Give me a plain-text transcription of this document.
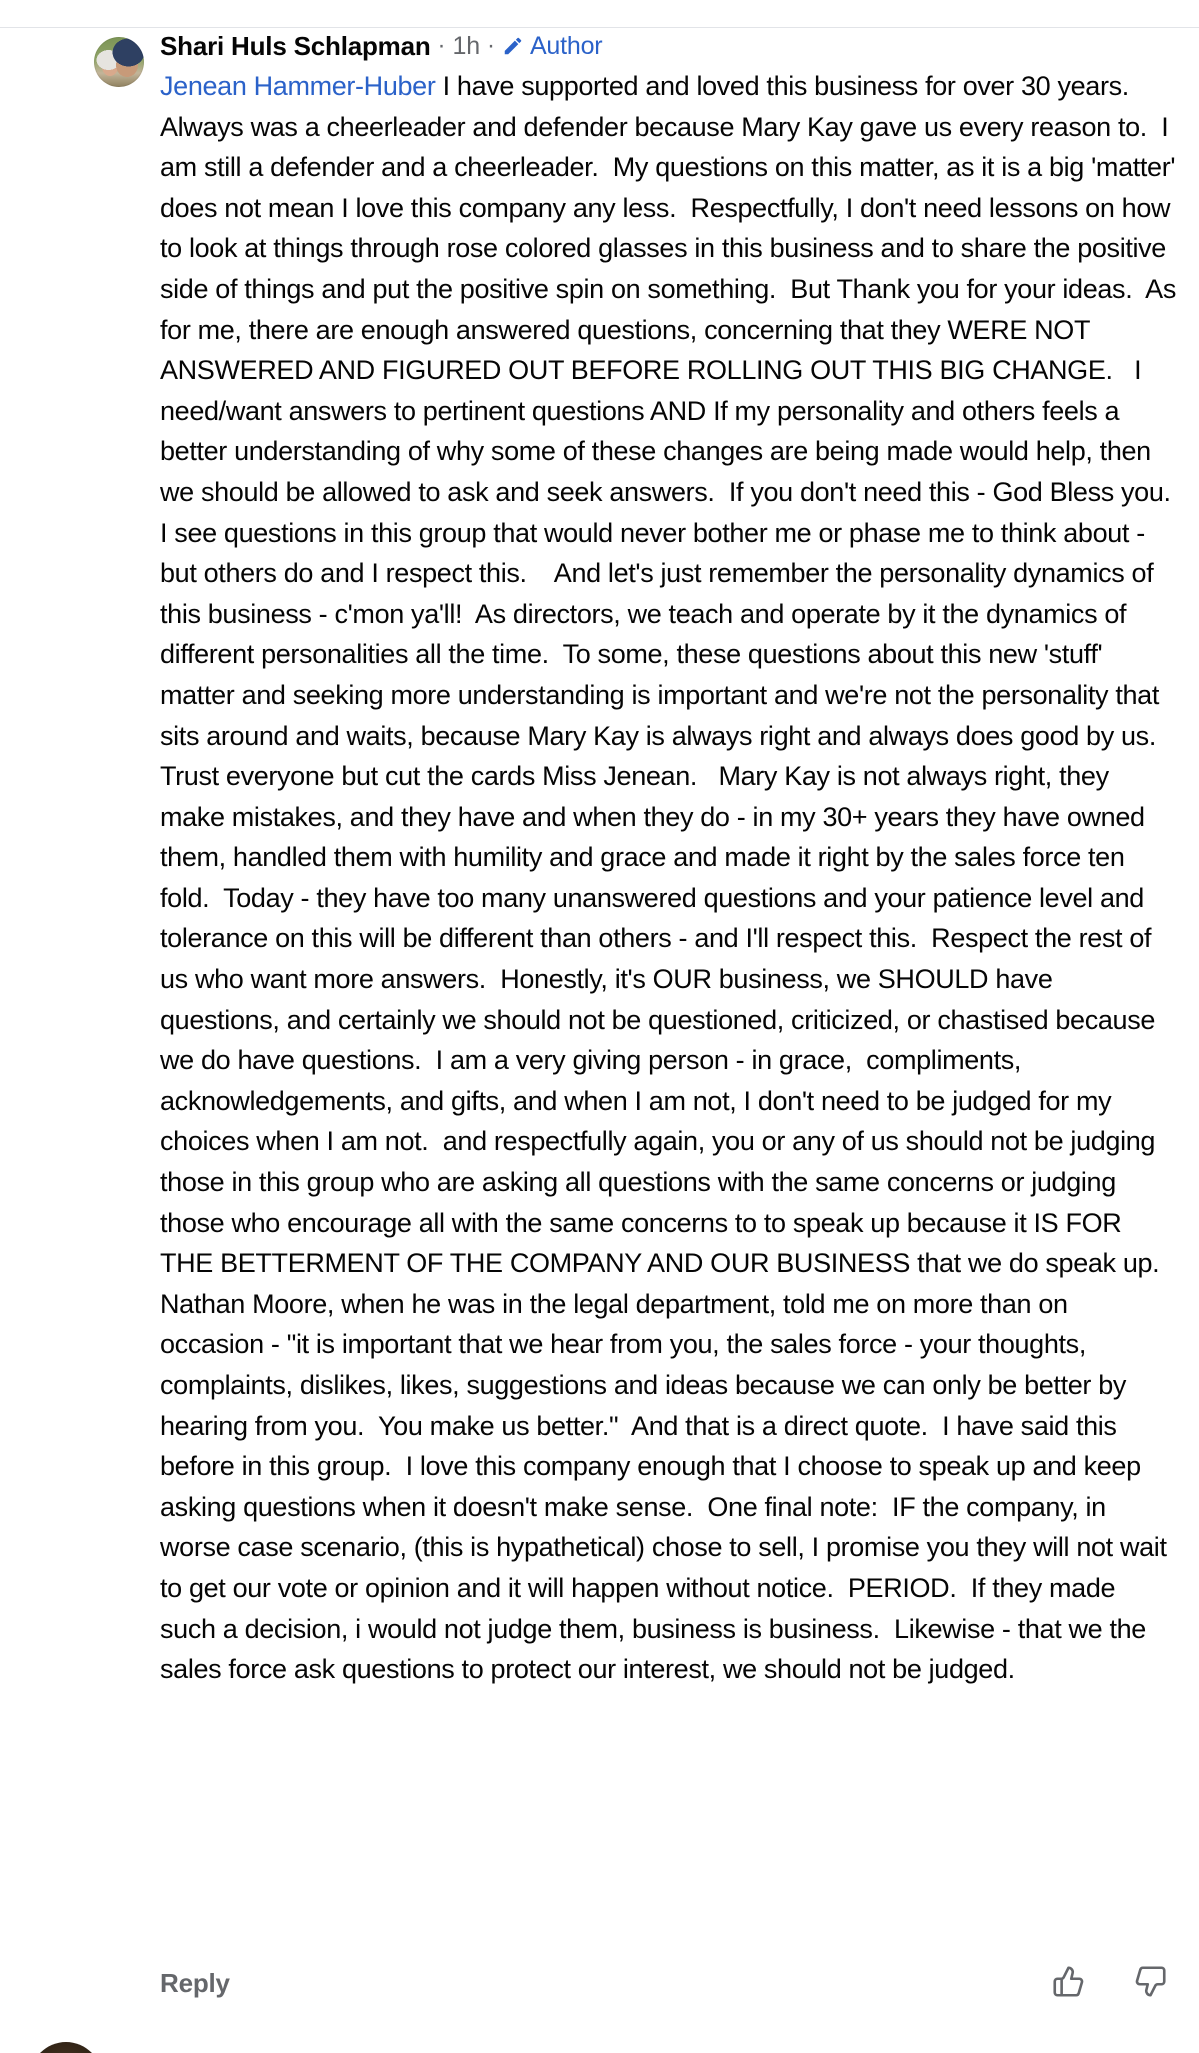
Shari Huls Schlapman · 1h · Author
Jenean Hammer-Huber I have supported and loved this business for over 30 years.  Always was a cheerleader and defender because Mary Kay gave us every reason to.  I am still a defender and a cheerleader.  My questions on this matter, as it is a big 'matter' does not mean I love this company any less.  Respectfully, I don't need lessons on how to look at things through rose colored glasses in this business and to share the positive side of things and put the positive spin on something.  But Thank you for your ideas.  As for me, there are enough answered questions, concerning that they WERE NOT ANSWERED AND FIGURED OUT BEFORE ROLLING OUT THIS BIG CHANGE.   I need/want answers to pertinent questions AND If my personality and others feels a better understanding of why some of these changes are being made would help, then we should be allowed to ask and seek answers.  If you don't need this - God Bless you.  I see questions in this group that would never bother me or phase me to think about - but others do and I respect this.    And let's just remember the personality dynamics of this business - c'mon ya'll!  As directors, we teach and operate by it the dynamics of different personalities all the time.  To some, these questions about this new 'stuff' matter and seeking more understanding is important and we're not the personality that sits around and waits, because Mary Kay is always right and always does good by us.  Trust everyone but cut the cards Miss Jenean.   Mary Kay is not always right, they make mistakes, and they have and when they do - in my 30+ years they have owned them, handled them with humility and grace and made it right by the sales force ten fold.  Today - they have too many unanswered questions and your patience level and tolerance on this will be different than others - and I'll respect this.  Respect the rest of us who want more answers.  Honestly, it's OUR business, we SHOULD have questions, and certainly we should not be questioned, criticized, or chastised because we do have questions.  I am a very giving person - in grace,  compliments,  acknowledgements, and gifts, and when I am not, I don't need to be judged for my choices when I am not.  and respectfully again, you or any of us should not be judging those in this group who are asking all questions with the same concerns or judging those who encourage all with the same concerns to to speak up because it IS FOR THE BETTERMENT OF THE COMPANY AND OUR BUSINESS that we do speak up.  Nathan Moore, when he was in the legal department, told me on more than on occasion - "it is important that we hear from you, the sales force - your thoughts, complaints, dislikes, likes, suggestions and ideas because we can only be better by hearing from you.  You make us better."  And that is a direct quote.  I have said this before in this group.  I love this company enough that I choose to speak up and keep asking questions when it doesn't make sense.  One final note:  IF the company, in worse case scenario, (this is hypathetical) chose to sell, I promise you they will not wait to get our vote or opinion and it will happen without notice.  PERIOD.  If they made such a decision, i would not judge them, business is business.  Likewise - that we the sales force ask questions to protect our interest, we should not be judged.
Reply
